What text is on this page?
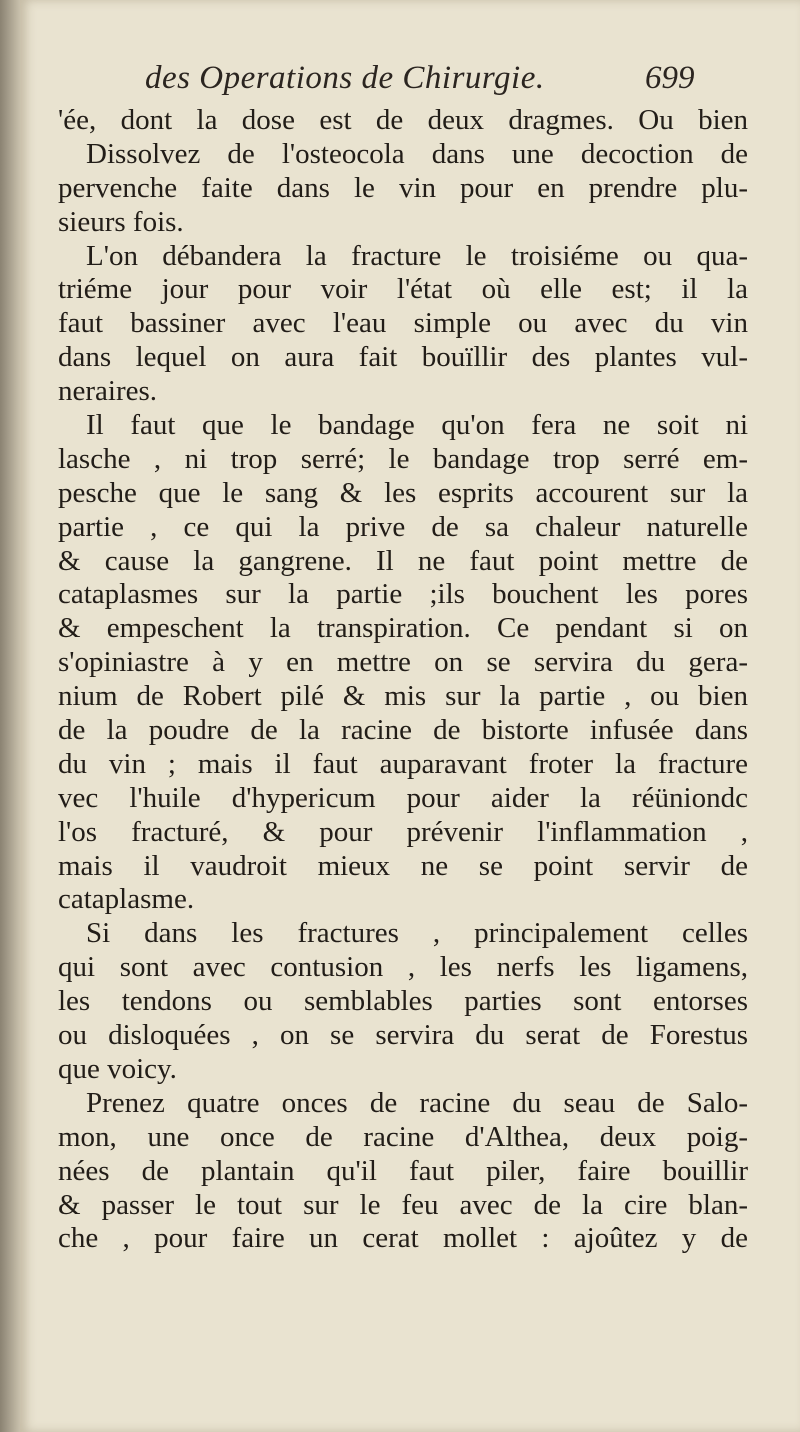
des Operations de Chirurgie.	699
'ée, dont la dose est de deux dragmes. Ou bien
Dissolvez de l'osteocola dans une decoction de
pervenche faite dans le vin pour en prendre plu-
sieurs fois.
L'on débandera la fracture le troisiéme ou qua-
triéme jour pour voir l'état où elle est; il la
faut bassiner avec l'eau simple ou avec du vin
dans lequel on aura fait bouïllir des plantes vul-
neraires.
Il faut que le bandage qu'on fera ne soit ni
lasche , ni trop serré; le bandage trop serré em-
pesche que le sang & les esprits accourent sur la
partie , ce qui la prive de sa chaleur naturelle
& cause la gangrene. Il ne faut point mettre de
cataplasmes sur la partie ;ils bouchent les pores
& empeschent la transpiration. Ce pendant si on
s'opiniastre à y en mettre on se servira du gera-
nium de Robert pilé & mis sur la partie , ou bien
de la poudre de la racine de bistorte infusée dans
du vin ; mais il faut auparavant froter la fracture
vec l'huile d'hypericum pour aider la réüniondc
l'os fracturé, & pour prévenir l'inflammation ,
mais il vaudroit mieux ne se point servir de
cataplasme.
Si dans les fractures , principalement celles
qui sont avec contusion , les nerfs les ligamens,
les tendons ou semblables parties sont entorses
ou disloquées , on se servira du serat de Forestus
que voicy.
Prenez quatre onces de racine du seau de Salo-
mon, une once de racine d'Althea, deux poig-
nées de plantain qu'il faut piler, faire bouillir
& passer le tout sur le feu avec de la cire blan-
che , pour faire un cerat mollet : ajoûtez y de
